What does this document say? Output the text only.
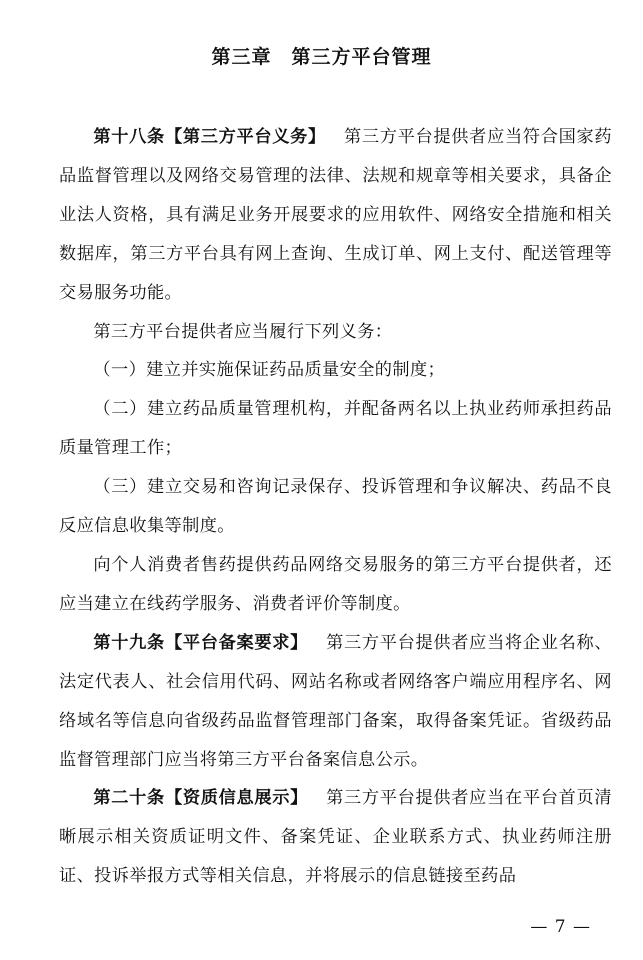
第三章　第三方平台管理

第十八条【第三方平台义务】 第三方平台提供者应当符合国家药品监督管理以及网络交易管理的法律、法规和规章等相关要求，具备企业法人资格，具有满足业务开展要求的应用软件、网络安全措施和相关数据库，第三方平台具有网上查询、生成订单、网上支付、配送管理等交易服务功能。

第三方平台提供者应当履行下列义务：

（一）建立并实施保证药品质量安全的制度；

（二）建立药品质量管理机构，并配备两名以上执业药师承担药品质量管理工作；

（三）建立交易和咨询记录保存、投诉管理和争议解决、药品不良反应信息收集等制度。

向个人消费者售药提供药品网络交易服务的第三方平台提供者，还应当建立在线药学服务、消费者评价等制度。

第十九条【平台备案要求】 第三方平台提供者应当将企业名称、法定代表人、社会信用代码、网站名称或者网络客户端应用程序名、网络域名等信息向省级药品监督管理部门备案，取得备案凭证。省级药品监督管理部门应当将第三方平台备案信息公示。

第二十条【资质信息展示】 第三方平台提供者应当在平台首页清晰展示相关资质证明文件、备案凭证、企业联系方式、执业药师注册证、投诉举报方式等相关信息，并将展示的信息链接至药品

— 7 —
